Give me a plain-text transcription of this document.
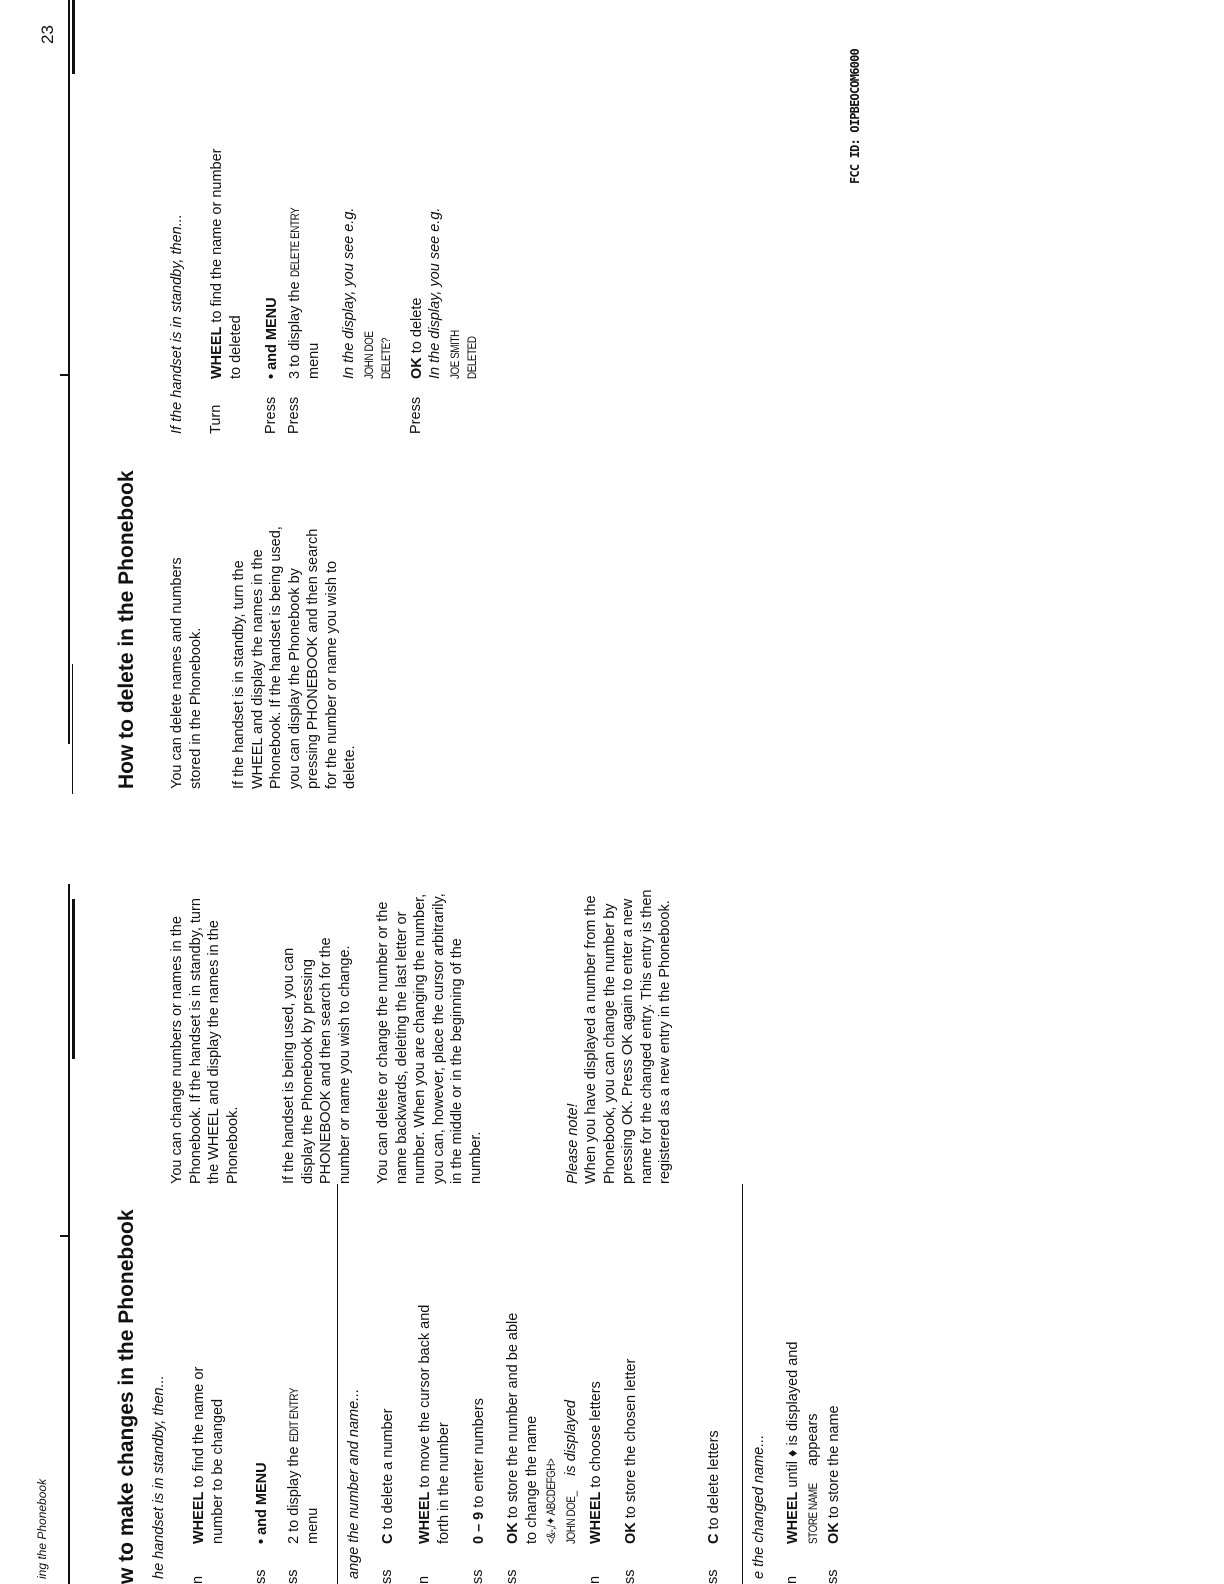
23
ing the Phonebook
FCC ID: OIPBEOCOM6000
w to make changes in the Phonebook he handset is in standby, then...
n
WHEEL to find the name or number to be changed
ss
• and MENU
ss
2 to display the EDIT ENTRY
menu ange the number and name... ss
C to delete a number
n
WHEEL to move the cursor back and forth in the number
ss
0 – 9 to enter numbers
ss
OK to store the number and be able to change the name <&-,/✦ ABCDEFGH> JOHN DOE_ is displayed
n
WHEEL to choose letters
ss
OK to store the chosen letter
ss
C to delete letters e the changed name...
n
WHEEL until ♦ is displayed and
STORE NAME appears
ss
OK to store the name
You can change numbers or names in the Phonebook. If the handset is in standby, turn the WHEEL and display the names in the Phonebook.	If the handset is being used, you can display the Phonebook by pressing PHONEBOOK and then search for the number or name you wish to change. You can delete or change the number or the name backwards, deleting the last letter or number. When you are changing the number, you can, however, place the cursor arbitrarily, in the middle or in the beginning of the number.	Please note! When you have displayed a number from the Phonebook, you can change the number by pressing OK. Press OK again to enter a new name for the changed entry. This entry is then registered as a new entry in the Phonebook.
How to delete in the Phonebook You can delete names and numbers stored in the Phonebook. If the handset is in standby, turn the WHEEL and display the names in the Phonebook. If the handset is being used, you can display the Phonebook by pressing PHONEBOOK and then search for the number or name you wish to delete.
If the handset is in standby, then... Turn
WHEEL to find the name or number to deleted
Press
• and MENU
Press
3 to display the DELETE ENTRY
menu In the display, you see e.g. JOHN DOE DELETE?
Press
OK to delete In the display, you see e.g. JOE SMITH DELETED
